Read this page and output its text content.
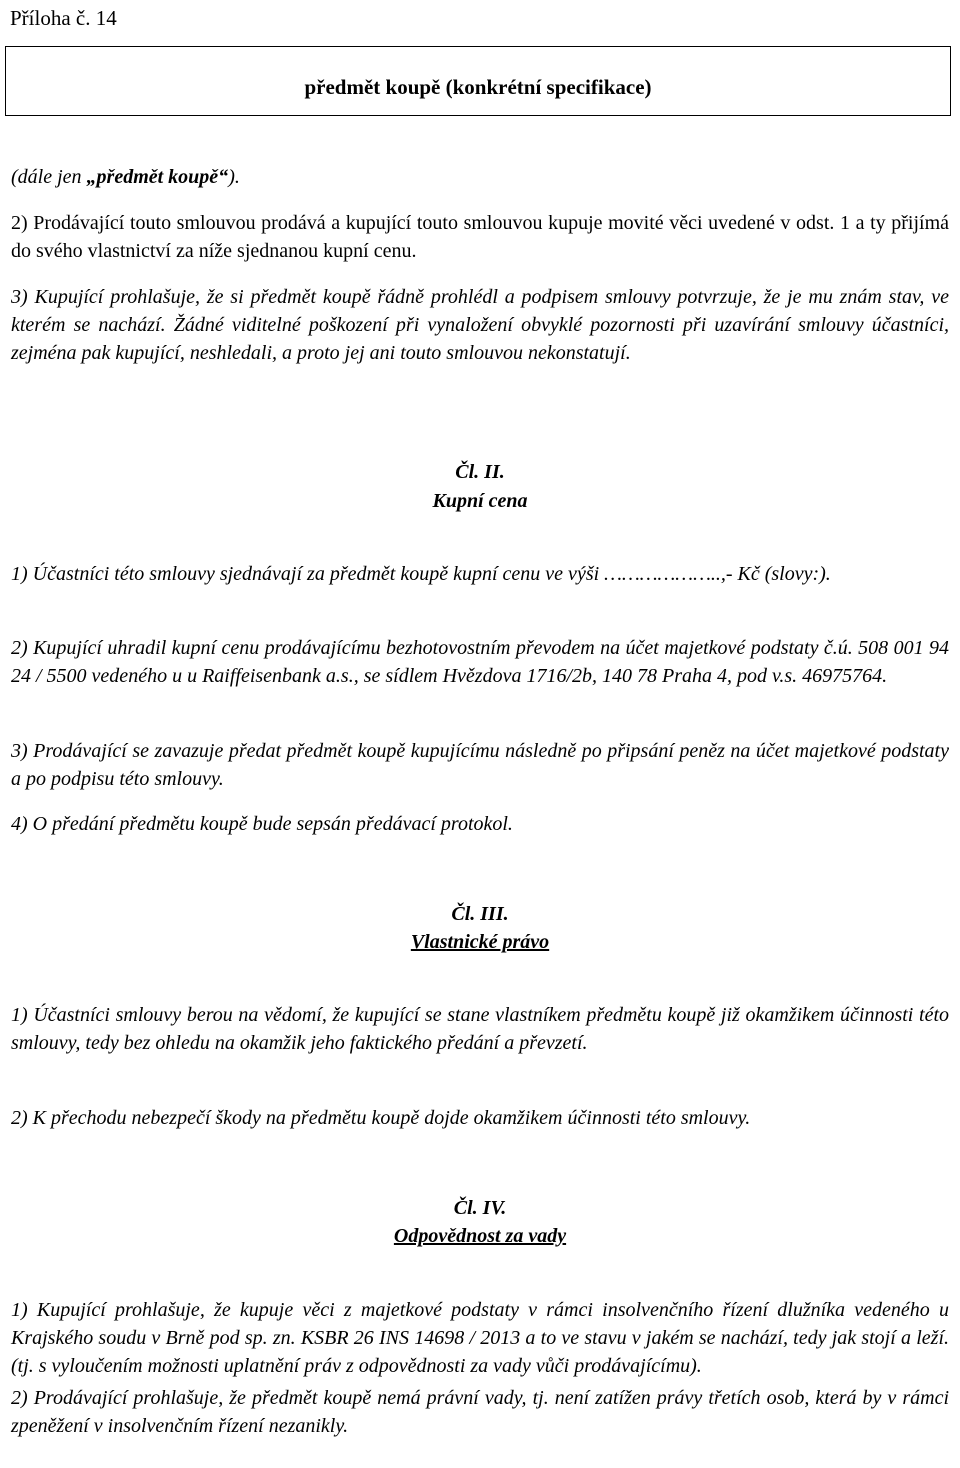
Příloha č. 14

předmět koupě (konkrétní specifikace)

(dále jen „předmět koupě“).

2) Prodávající touto smlouvou prodává a kupující touto smlouvou kupuje movité věci uvedené v odst. 1 a ty přijímá do svého vlastnictví za níže sjednanou kupní cenu.

3) Kupující prohlašuje, že si předmět koupě řádně prohlédl a podpisem smlouvy potvrzuje, že je mu znám stav, ve kterém se nachází. Žádné viditelné poškození při vynaložení obvyklé pozornosti při uzavírání smlouvy účastníci, zejména pak kupující, neshledali, a proto jej ani touto smlouvou nekonstatují.

Čl. II.

Kupní cena

1) Účastníci této smlouvy sjednávají za předmět koupě kupní cenu ve výši ………………..,- Kč (slovy:).

2) Kupující uhradil kupní cenu prodávajícímu bezhotovostním převodem na účet majetkové podstaty č.ú. 508 001 94 24 / 5500 vedeného u u Raiffeisenbank a.s., se sídlem Hvězdova 1716/2b, 140 78 Praha 4, pod v.s. 46975764.

3) Prodávající se zavazuje předat předmět koupě kupujícímu následně po připsání peněz na účet majetkové podstaty a po podpisu této smlouvy.

4) O předání předmětu koupě bude sepsán předávací protokol.

Čl. III.

Vlastnické právo

1) Účastníci smlouvy berou na vědomí, že kupující se stane vlastníkem předmětu koupě již okamžikem účinnosti této smlouvy, tedy bez ohledu na okamžik jeho faktického předání a převzetí.

2) K přechodu nebezpečí škody na předmětu koupě dojde okamžikem účinnosti této smlouvy.

Čl. IV.

Odpovědnost za vady

1) Kupující prohlašuje, že kupuje věci z majetkové podstaty v rámci insolvenčního řízení dlužníka vedeného u Krajského soudu v Brně pod sp. zn. KSBR 26 INS 14698 / 2013 a to ve stavu v jakém se nachází, tedy jak stojí a leží. (tj. s vyloučením možnosti uplatnění práv z odpovědnosti za vady vůči prodávajícímu).

2) Prodávající prohlašuje, že předmět koupě nemá právní vady, tj. není zatížen právy třetích osob, která by v rámci zpeněžení v insolvenčním řízení nezanikly.
